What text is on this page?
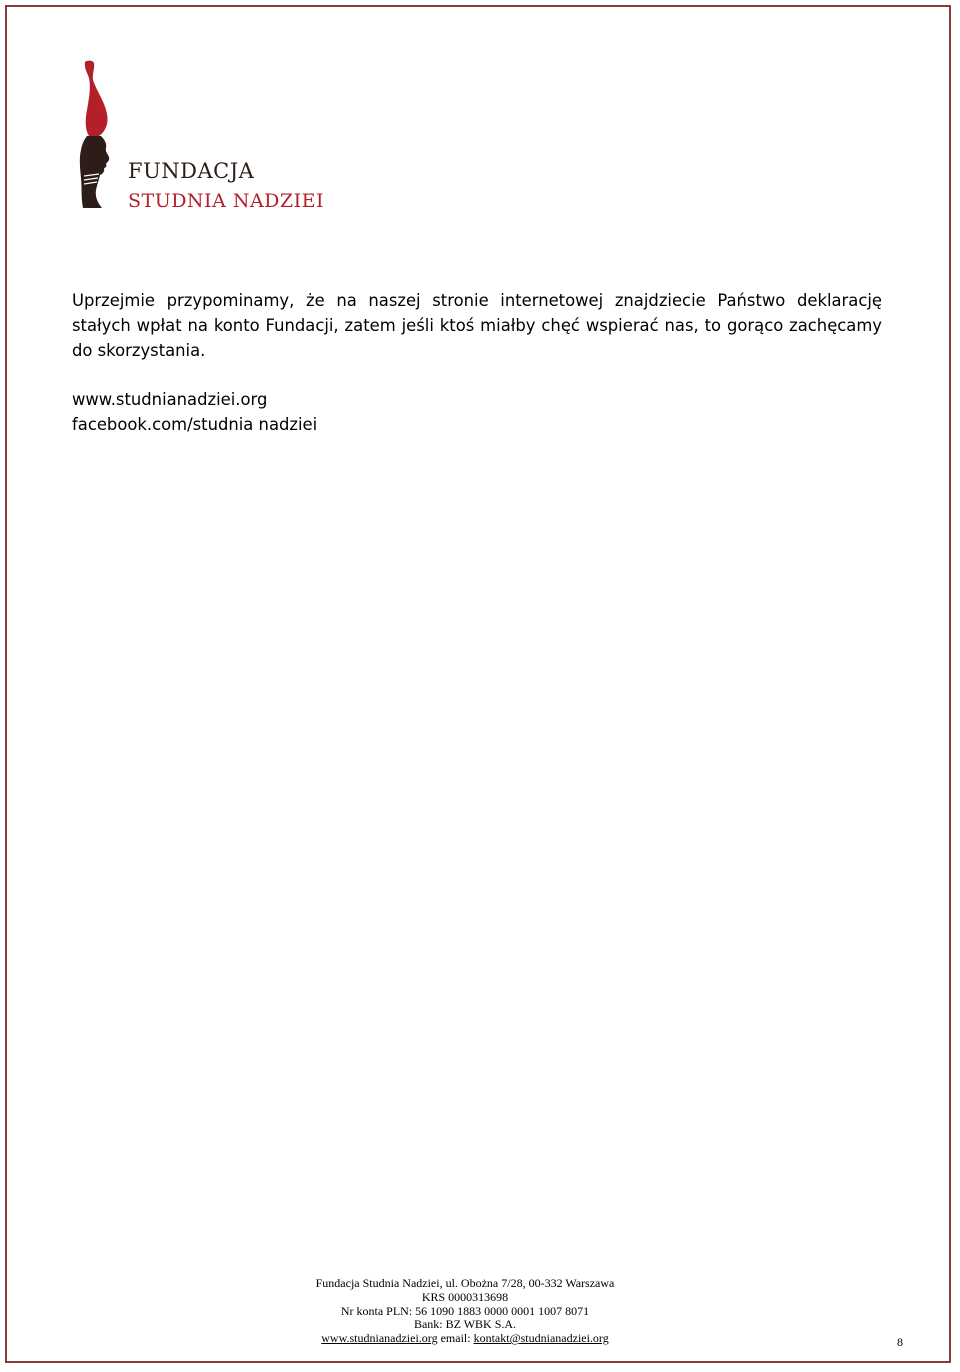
FUNDACJA
STUDNIA NADZIEI

Uprzejmie przypominamy, że na naszej stronie internetowej znajdziecie Państwo deklarację stałych wpłat na konto Fundacji, zatem jeśli ktoś miałby chęć wspierać nas, to gorąco zachęcamy do skorzystania.

www.studnianadziei.org
facebook.com/studnia nadziei
Fundacja Studnia Nadziei, ul. Obożna 7/28, 00-332 Warszawa
KRS 0000313698
Nr konta PLN: 56 1090 1883 0000 0001 1007 8071
Bank: BZ WBK S.A.
www.studnianadziei.org email: kontakt@studnianadziei.org	8
